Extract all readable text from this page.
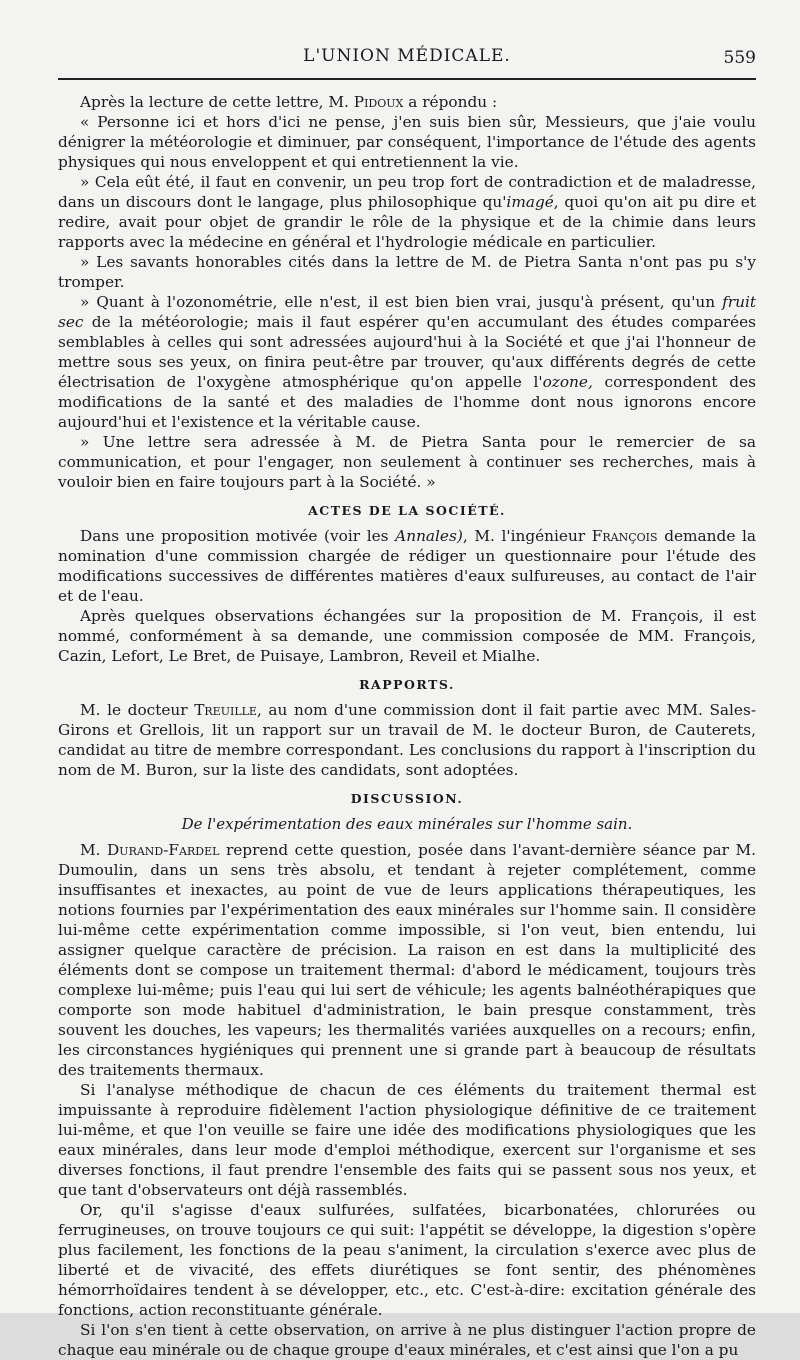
L'UNION MÉDICALE.	559

Après la lecture de cette lettre, M. Pidoux a répondu :

« Personne ici et hors d'ici ne pense, j'en suis bien sûr, Messieurs, que j'aie voulu dénigrer la météorologie et diminuer, par conséquent, l'importance de l'étude des agents physiques qui nous enveloppent et qui entretiennent la vie.

» Cela eût été, il faut en convenir, un peu trop fort de contradiction et de maladresse, dans un discours dont le langage, plus philosophique qu'imagé, quoi qu'on ait pu dire et redire, avait pour objet de grandir le rôle de la physique et de la chimie dans leurs rapports avec la médecine en général et l'hydrologie médicale en particulier.

» Les savants honorables cités dans la lettre de M. de Pietra Santa n'ont pas pu s'y tromper.

» Quant à l'ozonométrie, elle n'est, il est bien bien vrai, jusqu'à présent, qu'un fruit sec de la météorologie; mais il faut espérer qu'en accumulant des études comparées semblables à celles qui sont adressées aujourd'hui à la Société et que j'ai l'honneur de mettre sous ses yeux, on finira peut-être par trouver, qu'aux différents degrés de cette électrisation de l'oxygène atmosphérique qu'on appelle l'ozone, correspondent des modifications de la santé et des maladies de l'homme dont nous ignorons encore aujourd'hui et l'existence et la véritable cause.

» Une lettre sera adressée à M. de Pietra Santa pour le remercier de sa communication, et pour l'engager, non seulement à continuer ses recherches, mais à vouloir bien en faire toujours part à la Société. »

ACTES DE LA SOCIÉTÉ.

Dans une proposition motivée (voir les Annales), M. l'ingénieur François demande la nomination d'une commission chargée de rédiger un questionnaire pour l'étude des modifications successives de différentes matières d'eaux sulfureuses, au contact de l'air et de l'eau.

Après quelques observations échangées sur la proposition de M. François, il est nommé, conformément à sa demande, une commission composée de MM. François, Cazin, Lefort, Le Bret, de Puisaye, Lambron, Reveil et Mialhe.

RAPPORTS.

M. le docteur Treuille, au nom d'une commission dont il fait partie avec MM. Sales-Girons et Grellois, lit un rapport sur un travail de M. le docteur Buron, de Cauterets, candidat au titre de membre correspondant. Les conclusions du rapport à l'inscription du nom de M. Buron, sur la liste des candidats, sont adoptées.

DISCUSSION.
De l'expérimentation des eaux minérales sur l'homme sain.

M. Durand-Fardel reprend cette question, posée dans l'avant-dernière séance par M. Dumoulin, dans un sens très absolu, et tendant à rejeter complétement, comme insuffisantes et inexactes, au point de vue de leurs applications thérapeutiques, les notions fournies par l'expérimentation des eaux minérales sur l'homme sain. Il considère lui-même cette expérimentation comme impossible, si l'on veut, bien entendu, lui assigner quelque caractère de précision. La raison en est dans la multiplicité des éléments dont se compose un traitement thermal: d'abord le médicament, toujours très complexe lui-même; puis l'eau qui lui sert de véhicule; les agents balnéothérapiques que comporte son mode habituel d'administration, le bain presque constamment, très souvent les douches, les vapeurs; les thermalités variées auxquelles on a recours; enfin, les circonstances hygiéniques qui prennent une si grande part à beaucoup de résultats des traitements thermaux.

Si l'analyse méthodique de chacun de ces éléments du traitement thermal est impuissante à reproduire fidèlement l'action physiologique définitive de ce traitement lui-même, et que l'on veuille se faire une idée des modifications physiologiques que les eaux minérales, dans leur mode d'emploi méthodique, exercent sur l'organisme et ses diverses fonctions, il faut prendre l'ensemble des faits qui se passent sous nos yeux, et que tant d'observateurs ont déjà rassemblés.

Or, qu'il s'agisse d'eaux sulfurées, sulfatées, bicarbonatées, chlorurées ou ferrugineuses, on trouve toujours ce qui suit: l'appétit se développe, la digestion s'opère plus facilement, les fonctions de la peau s'animent, la circulation s'exerce avec plus de liberté et de vivacité, des effets diurétiques se font sentir, des phénomènes hémorrhoïdaires tendent à se développer, etc., etc. C'est-à-dire: excitation générale des fonctions, action reconstituante générale.

Si l'on s'en tient à cette observation, on arrive à ne plus distinguer l'action propre de chaque eau minérale ou de chaque groupe d'eaux minérales, et c'est ainsi que l'on a pu
